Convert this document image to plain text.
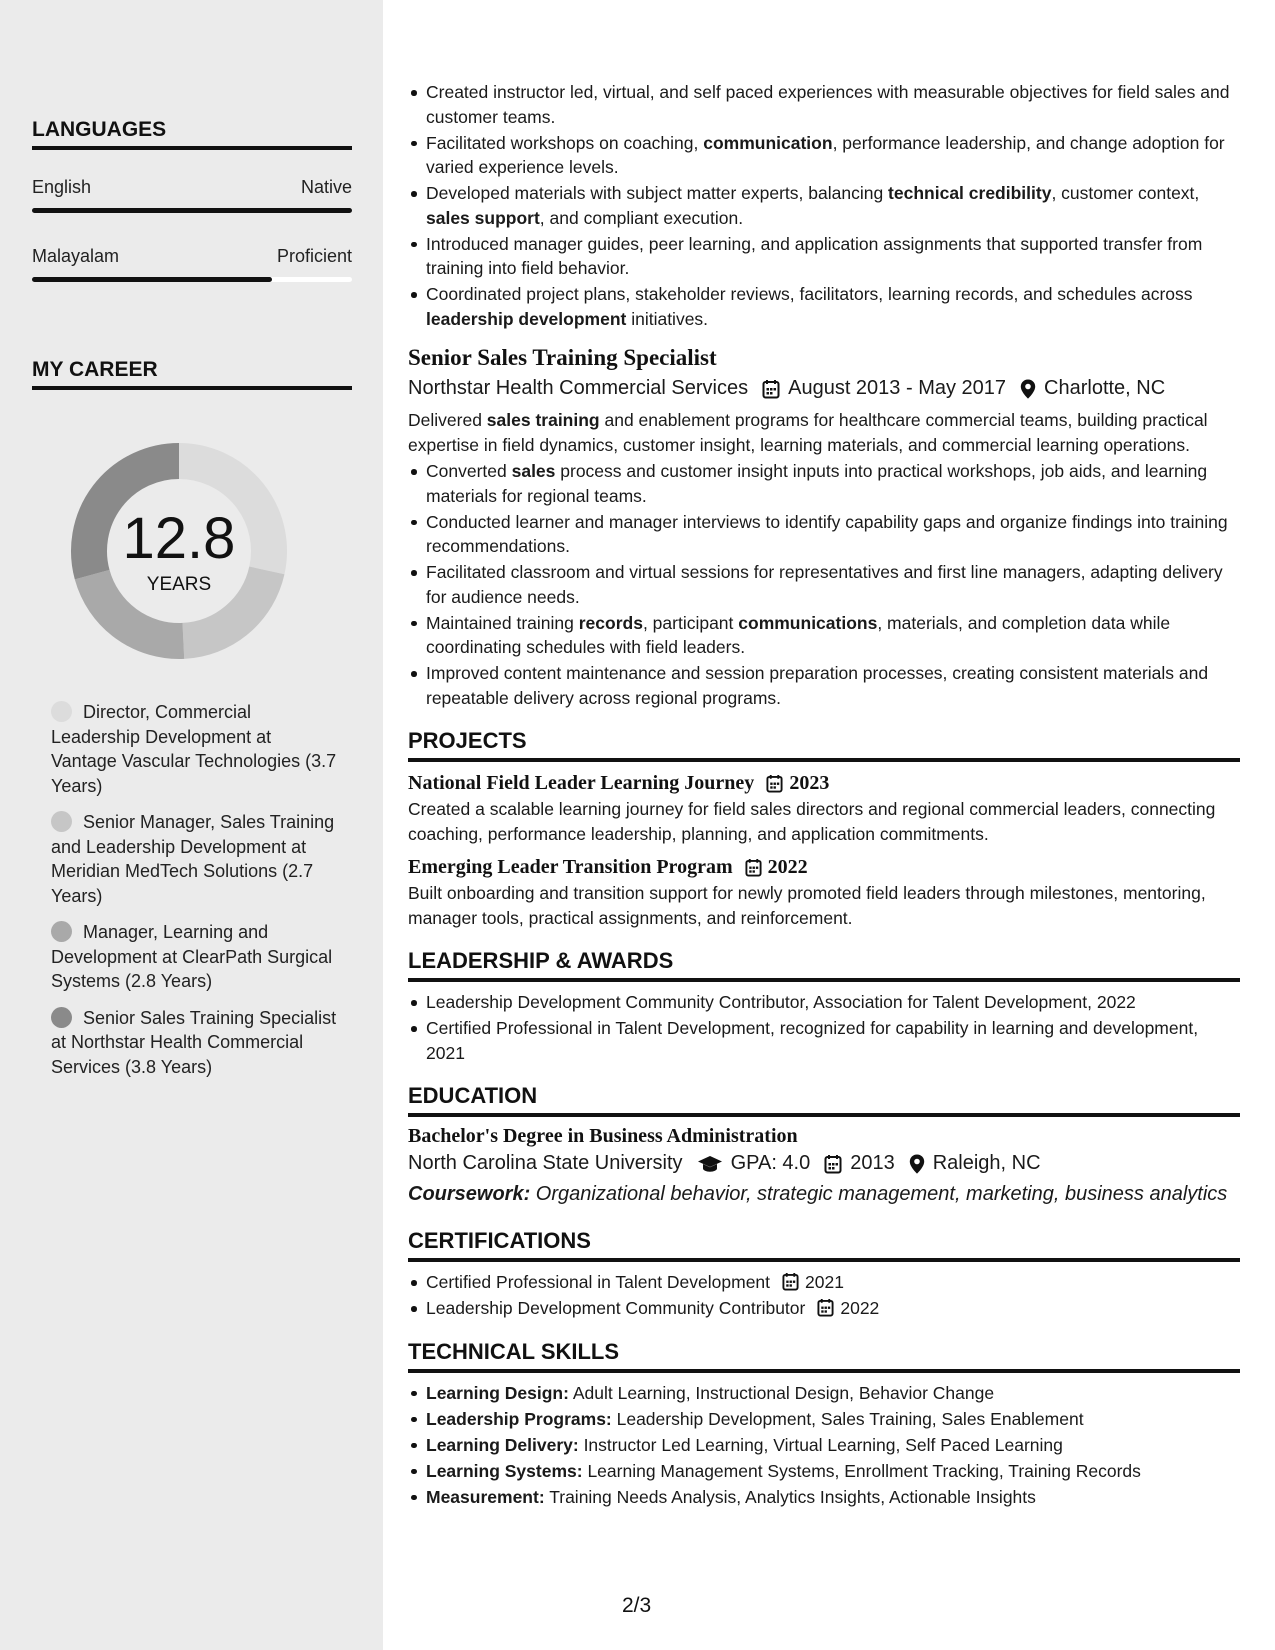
LANGUAGES
English	Native
Malayalam	Proficient
MY CAREER
12.8
YEARS
Director, Commercial Leadership Development at Vantage Vascular Technologies (3.7 Years)
Senior Manager, Sales Training and Leadership Development at Meridian MedTech Solutions (2.7 Years)
Manager, Learning and Development at ClearPath Surgical Systems (2.8 Years)
Senior Sales Training Specialist at Northstar Health Commercial Services (3.8 Years)
Created instructor led, virtual, and self paced experiences with measurable objectives for field sales and customer teams.
Facilitated workshops on coaching, communication, performance leadership, and change adoption for varied experience levels.
Developed materials with subject matter experts, balancing technical credibility, customer context, sales support, and compliant execution.
Introduced manager guides, peer learning, and application assignments that supported transfer from training into field behavior.
Coordinated project plans, stakeholder reviews, facilitators, learning records, and schedules across leadership development initiatives.
Senior Sales Training Specialist
Northstar Health Commercial Services August 2013 - May 2017 Charlotte, NC
Delivered sales training and enablement programs for healthcare commercial teams, building practical expertise in field dynamics, customer insight, learning materials, and commercial learning operations.
Converted sales process and customer insight inputs into practical workshops, job aids, and learning materials for regional teams.
Conducted learner and manager interviews to identify capability gaps and organize findings into training recommendations.
Facilitated classroom and virtual sessions for representatives and first line managers, adapting delivery for audience needs.
Maintained training records, participant communications, materials, and completion data while coordinating schedules with field leaders.
Improved content maintenance and session preparation processes, creating consistent materials and repeatable delivery across regional programs.
PROJECTS
National Field Leader Learning Journey 2023
Created a scalable learning journey for field sales directors and regional commercial leaders, connecting coaching, performance leadership, planning, and application commitments.
Emerging Leader Transition Program 2022
Built onboarding and transition support for newly promoted field leaders through milestones, mentoring, manager tools, practical assignments, and reinforcement.
LEADERSHIP & AWARDS
Leadership Development Community Contributor, Association for Talent Development, 2022
Certified Professional in Talent Development, recognized for capability in learning and development, 2021
EDUCATION
Bachelor's Degree in Business Administration
North Carolina State University GPA: 4.0 2013 Raleigh, NC
Coursework: Organizational behavior, strategic management, marketing, business analytics
CERTIFICATIONS
Certified Professional in Talent Development 2021
Leadership Development Community Contributor 2022
TECHNICAL SKILLS
Learning Design: Adult Learning, Instructional Design, Behavior Change
Leadership Programs: Leadership Development, Sales Training, Sales Enablement
Learning Delivery: Instructor Led Learning, Virtual Learning, Self Paced Learning
Learning Systems: Learning Management Systems, Enrollment Tracking, Training Records
Measurement: Training Needs Analysis, Analytics Insights, Actionable Insights
2/3
